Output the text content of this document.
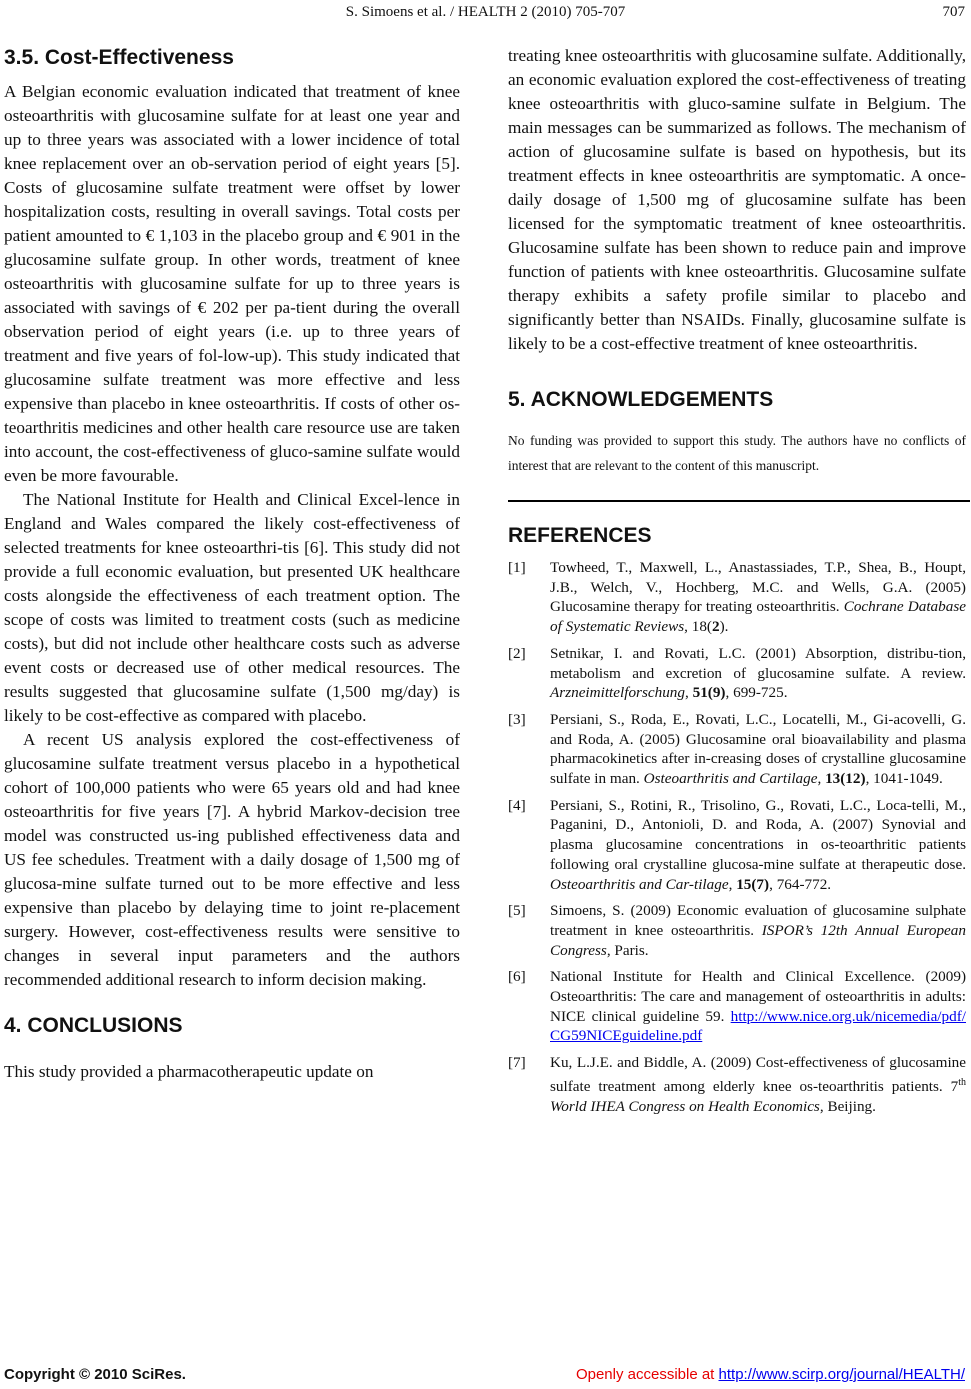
S. Simoens et al. / HEALTH 2 (2010) 705-707	707
3.5. Cost-Effectiveness

A Belgian economic evaluation indicated that treatment of knee osteoarthritis with glucosamine sulfate for at least one year and up to three years was associated with a lower incidence of total knee replacement over an ob-servation period of eight years [5]. Costs of glucosamine sulfate treatment were offset by lower hospitalization costs, resulting in overall savings. Total costs per patient amounted to € 1,103 in the placebo group and € 901 in the glucosamine sulfate group. In other words, treatment of knee osteoarthritis with glucosamine sulfate for up to three years is associated with savings of € 202 per pa-tient during the overall observation period of eight years (i.e. up to three years of treatment and five years of fol-low-up). This study indicated that glucosamine sulfate treatment was more effective and less expensive than placebo in knee osteoarthritis. If costs of other os-teoarthritis medicines and other health care resource use are taken into account, the cost-effectiveness of gluco-samine sulfate would even be more favourable.

The National Institute for Health and Clinical Excel-lence in England and Wales compared the likely cost-effectiveness of selected treatments for knee osteoarthri-tis [6]. This study did not provide a full economic evaluation, but presented UK healthcare costs alongside the effectiveness of each treatment option. The scope of costs was limited to treatment costs (such as medicine costs), but did not include other healthcare costs such as adverse event costs or decreased use of other medical resources. The results suggested that glucosamine sulfate (1,500 mg/day) is likely to be cost-effective as compared with placebo.

A recent US analysis explored the cost-effectiveness of glucosamine sulfate treatment versus placebo in a hypothetical cohort of 100,000 patients who were 65 years old and had knee osteoarthritis for five years [7]. A hybrid Markov-decision tree model was constructed us-ing published effectiveness data and US fee schedules. Treatment with a daily dosage of 1,500 mg of glucosa-mine sulfate turned out to be more effective and less expensive than placebo by delaying time to joint re-placement surgery. However, cost-effectiveness results were sensitive to changes in several input parameters and the authors recommended additional research to inform decision making.

4. CONCLUSIONS

This study provided a pharmacotherapeutic update on

treating knee osteoarthritis with glucosamine sulfate. Additionally, an economic evaluation explored the cost-effectiveness of treating knee osteoarthritis with gluco-samine sulfate in Belgium. The main messages can be summarized as follows. The mechanism of action of glucosamine sulfate is based on hypothesis, but its treatment effects in knee osteoarthritis are symptomatic. A once-daily dosage of 1,500 mg of glucosamine sulfate has been licensed for the symptomatic treatment of knee osteoarthritis. Glucosamine sulfate has been shown to reduce pain and improve function of patients with knee osteoarthritis. Glucosamine sulfate therapy exhibits a safety profile similar to placebo and significantly better than NSAIDs. Finally, glucosamine sulfate is likely to be a cost-effective treatment of knee osteoarthritis.

5. ACKNOWLEDGEMENTS

No funding was provided to support this study. The authors have no conflicts of interest that are relevant to the content of this manuscript.

REFERENCES
[1] Towheed, T., Maxwell, L., Anastassiades, T.P., Shea, B., Houpt, J.B., Welch, V., Hochberg, M.C. and Wells, G.A. (2005) Glucosamine therapy for treating osteoarthritis. Cochrane Database of Systematic Reviews, 18(2).
[2] Setnikar, I. and Rovati, L.C. (2001) Absorption, distribu-tion, metabolism and excretion of glucosamine sulfate. A review. Arzneimittelforschung, 51(9), 699-725.
[3] Persiani, S., Roda, E., Rovati, L.C., Locatelli, M., Gi-acovelli, G. and Roda, A. (2005) Glucosamine oral bioavailability and plasma pharmacokinetics after in-creasing doses of crystalline glucosamine sulfate in man. Osteoarthritis and Cartilage, 13(12), 1041-1049.
[4] Persiani, S., Rotini, R., Trisolino, G., Rovati, L.C., Loca-telli, M., Paganini, D., Antonioli, D. and Roda, A. (2007) Synovial and plasma glucosamine concentrations in os-teoarthritic patients following oral crystalline glucosa-mine sulfate at therapeutic dose. Osteoarthritis and Car-tilage, 15(7), 764-772.
[5] Simoens, S. (2009) Economic evaluation of glucosamine sulphate treatment in knee osteoarthritis. ISPOR’s 12th Annual European Congress, Paris.
[6] National Institute for Health and Clinical Excellence. (2009) Osteoarthritis: The care and management of osteoarthritis in adults: NICE clinical guideline 59. http://www.nice.org.uk/nicemedia/pdf/CG59NICEguideline.pdf
[7] Ku, L.J.E. and Biddle, A. (2009) Cost-effectiveness of glucosamine sulfate treatment among elderly knee os-teoarthritis patients. 7th World IHEA Congress on Health Economics, Beijing.
Copyright © 2010 SciRes.	Openly accessible at http://www.scirp.org/journal/HEALTH/
